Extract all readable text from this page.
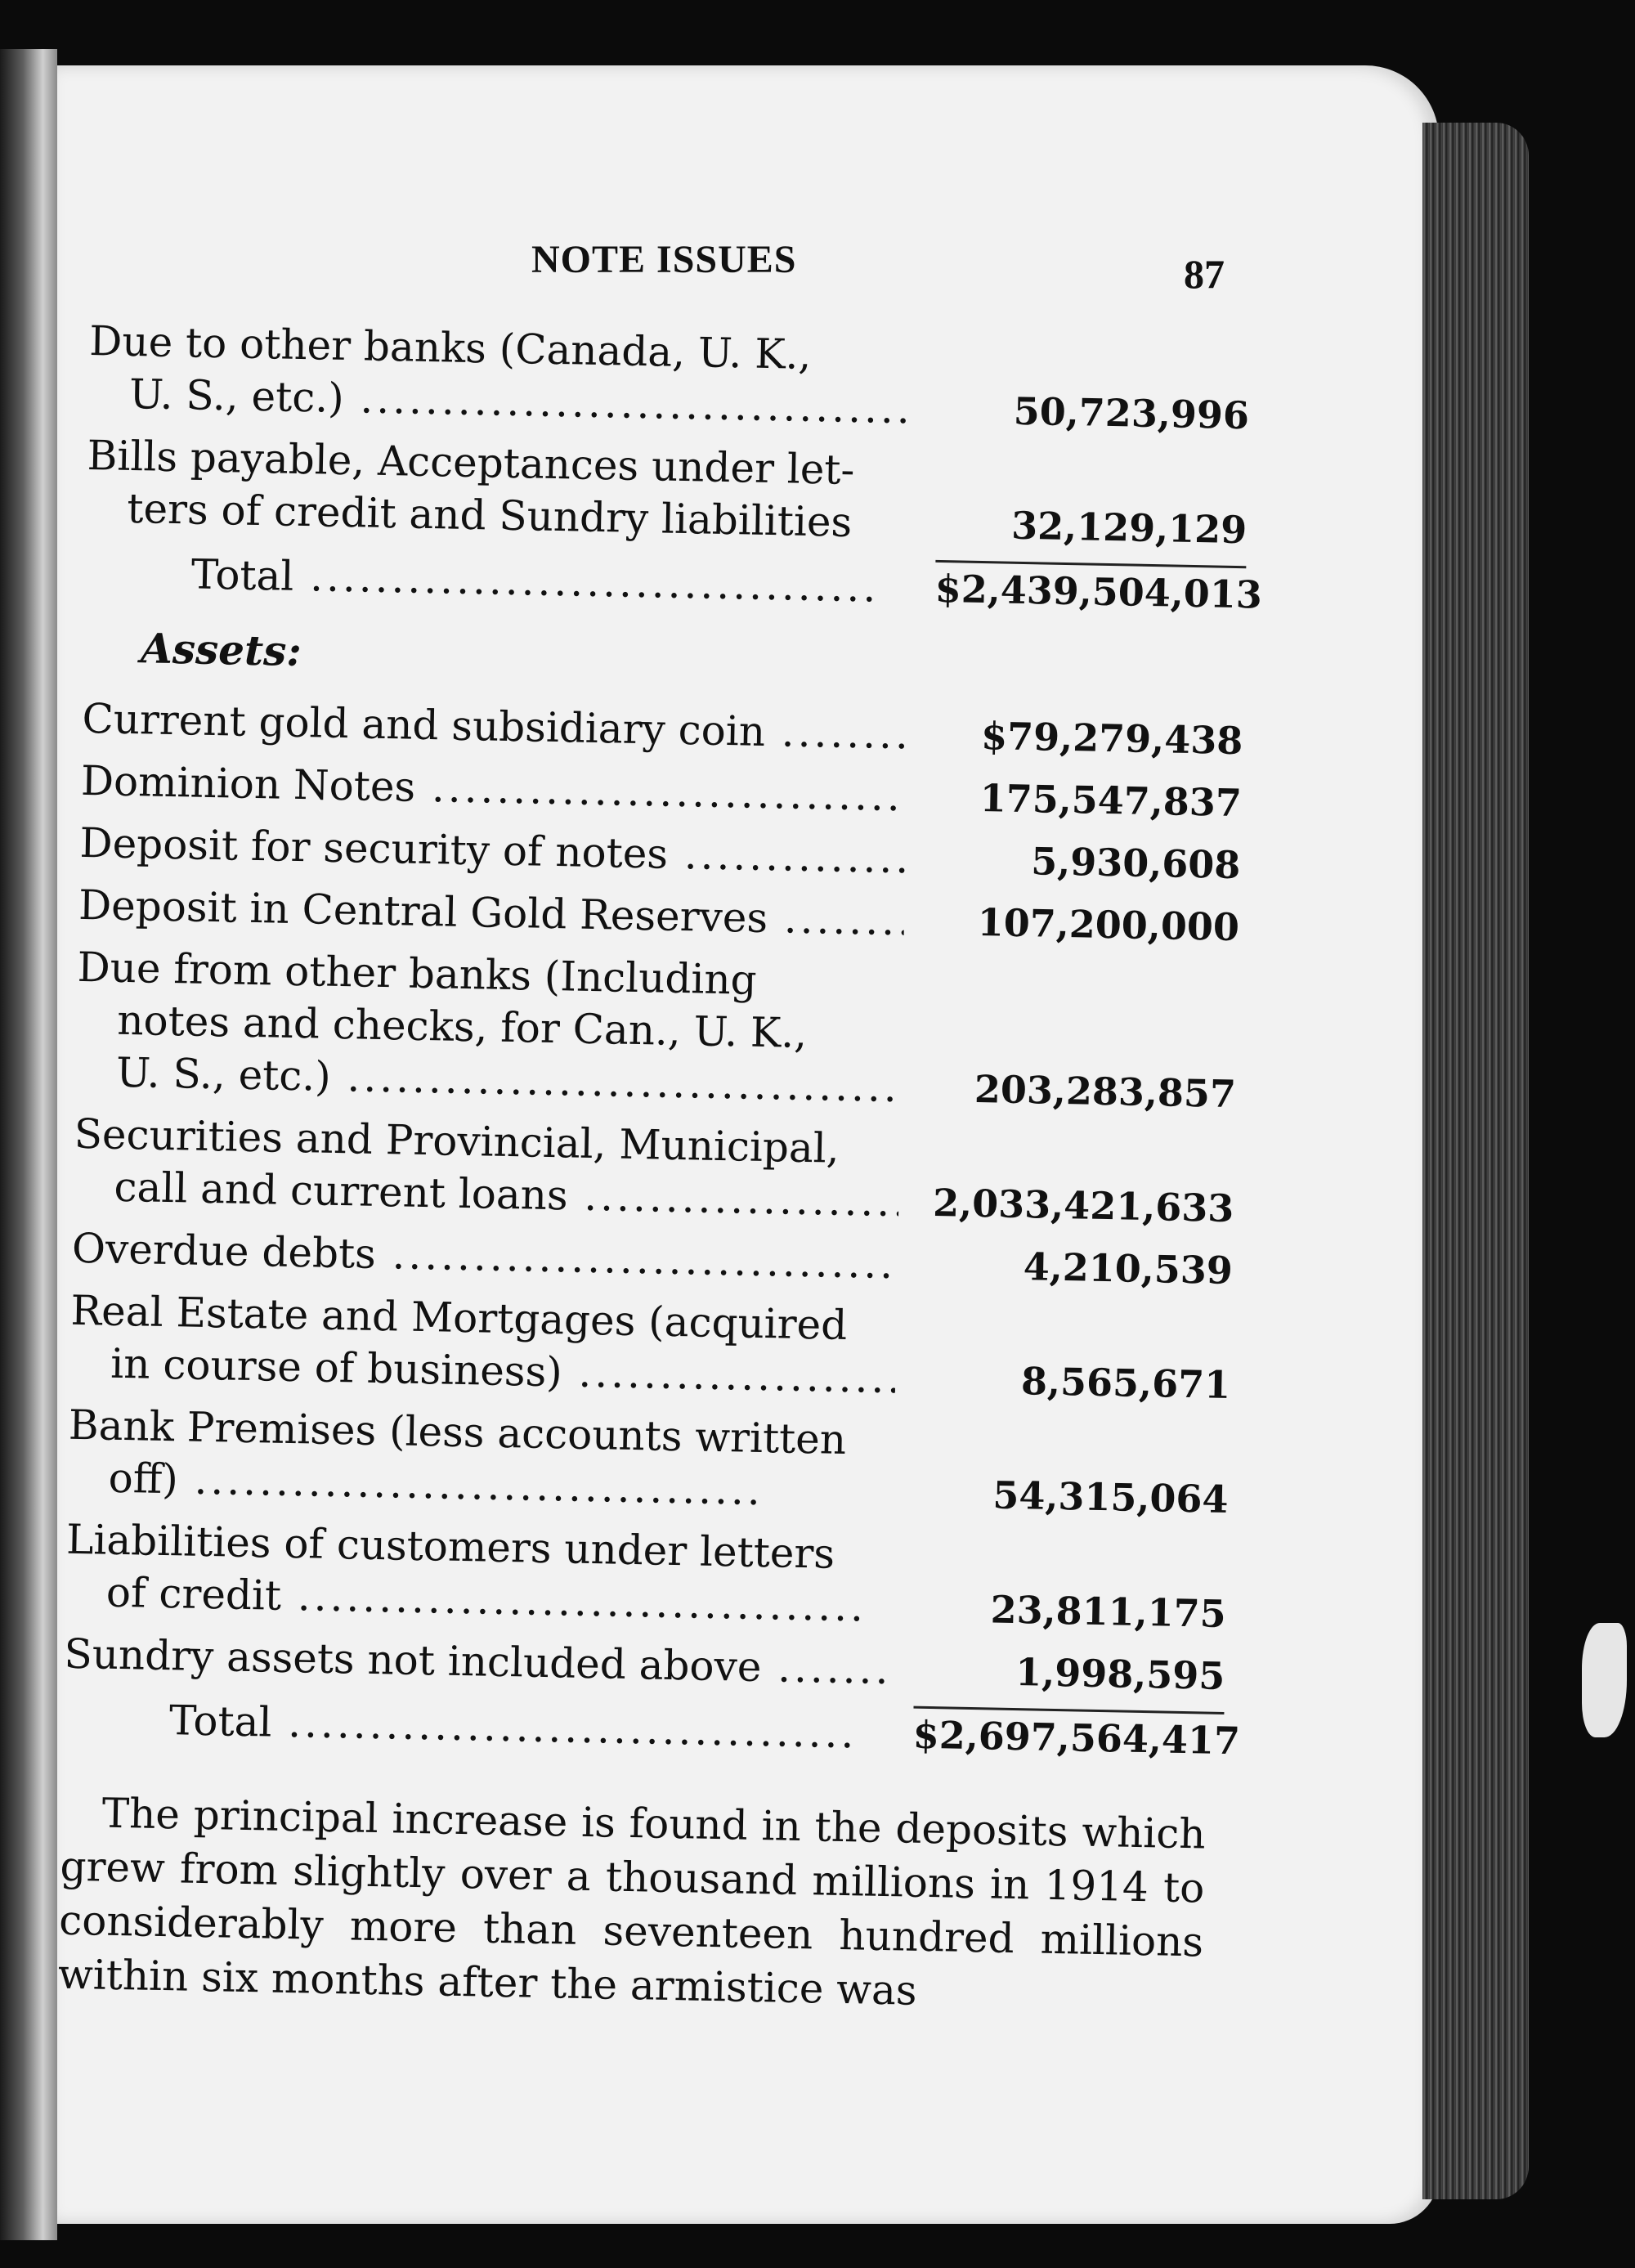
NOTE ISSUES	87
Due to other banks (Canada, U. K.,
U. S., etc.) .....	50,723,996
Bills payable, Acceptances under let-
ters of credit and Sundry liabilities	32,129,129
Total .....	$2,439,504,013
Assets:
Current gold and subsidiary coin .....	$79,279,438
Dominion Notes .....	175,547,837
Deposit for security of notes .....	5,930,608
Deposit in Central Gold Reserves .....	107,200,000
Due from other banks (Including
notes and checks, for Can., U. K.,
U. S., etc.) .....	203,283,857
Securities and Provincial, Municipal,
call and current loans .....	2,033,421,633
Overdue debts .....	4,210,539
Real Estate and Mortgages (acquired
in course of business) .....	8,565,671
Bank Premises (less accounts written
off) .....	54,315,064
Liabilities of customers under letters
of credit .....	23,811,175
Sundry assets not included above .....	1,998,595
Total .....	$2,697,564,417

The principal increase is found in the deposits which grew from slightly over a thousand millions in 1914 to considerably more than seventeen hundred millions within six months after the armistice was
